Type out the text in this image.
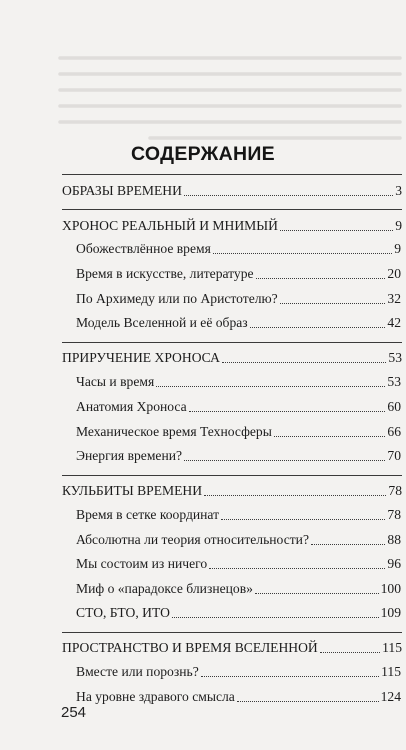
СОДЕРЖАНИЕ
ОБРАЗЫ ВРЕМЕНИ	3
ХРОНОС РЕАЛЬНЫЙ И МНИМЫЙ	9
Обожествлённое время	9
Время в искусстве, литературе	20
По Архимеду или по Аристотелю?	32
Модель Вселенной и её образ	42
ПРИРУЧЕНИЕ ХРОНОСА	53
Часы и время	53
Анатомия Хроноса	60
Механическое время Техносферы	66
Энергия времени?	70
КУЛЬБИТЫ ВРЕМЕНИ	78
Время в сетке координат	78
Абсолютна ли теория относительности?	88
Мы состоим из ничего	96
Миф о «парадоксе близнецов»	100
СТО, БТО, ИТО	109
ПРОСТРАНСТВО И ВРЕМЯ ВСЕЛЕННОЙ	115
Вместе или порознь?	115
На уровне здравого смысла	124
254
